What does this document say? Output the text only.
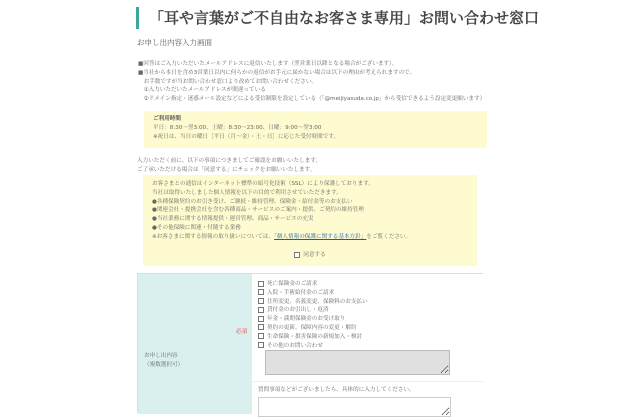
「耳や言葉がご不自由なお客さま専用」お問い合わせ窓口
お申し出内容入力画面
■回答はご入力いただいたメールアドレスに返信いたします（翌営業日以降となる場合がございます）。
■当社から本日を含め3営業日以内に何らかの返信がお手元に届かない場合は以下の理由が考えられますので、
　お手数ですが当お問い合わせ窓口より改めてお問い合わせください。
　①入力いただいたメールアドレスが間違っている
　②ドメイン指定・迷惑メール設定などによる受信制限を設定している（「@meijiyasuda.co.jp」から受信できるよう設定変更願います）
ご利用時間
平日：8:30〜翌3:00、土曜：8:30〜23:00、日曜：9:00〜翌3:00
※祝日は、当日の曜日［平日（月〜金）・土・日］に応じた受付時間です。
入力いただく前に、以下の事項につきましてご確認をお願いいたします。
ご了承いただける場合は「同意する」にチェックをお願いいたします。
お客さまとの通信はインターネット標準の暗号化技術（SSL）により保護しております。
当社は取得いたしました個人情報を以下の目的で利用させていただきます。
●各種保険契約のお引き受け、ご継続・維持管理、保険金・給付金等のお支払い
●関連会社・提携会社を含む各種商品・サービスのご案内・提供、ご契約の維持管理
●当社業務に関する情報提供・運営管理、商品・サービスの充実
●その他保険に関連・付随する業務
※お客さまに関する情報の取り扱いについては、「個人情報の保護に関する基本方針」をご覧ください。
同意する
お申し出内容
（複数選択可）
必須
死亡保険金のご請求
入院・手術給付金のご請求
住所変更、名義変更、保険料のお支払い
貸付金のお引出し・返済
年金・満期保険金のお受け取り
契約の更新、保障内容の変更・解約
生命保険・損害保険の新規加入・検討
その他のお問い合わせ
質問事項などがございましたら、具体的に入力してください。
